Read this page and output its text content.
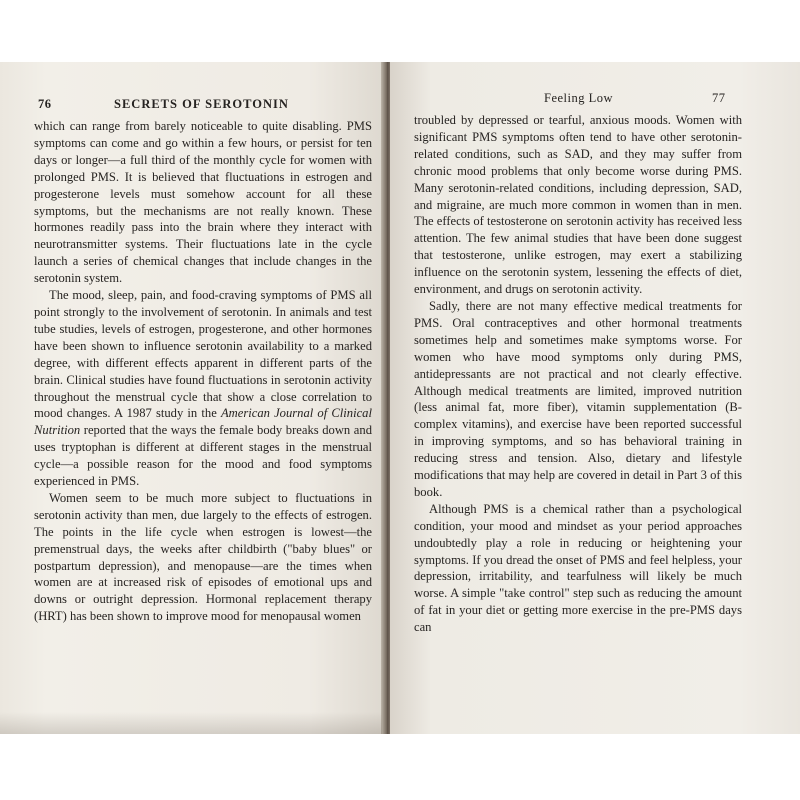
76	SECRETS OF SEROTONIN

which can range from barely noticeable to quite disabling. PMS symptoms can come and go within a few hours, or persist for ten days or longer—a full third of the monthly cycle for women with prolonged PMS. It is believed that fluctuations in estrogen and progesterone levels must somehow account for all these symptoms, but the mechanisms are not really known. These hormones readily pass into the brain where they interact with neurotransmitter systems. Their fluctuations late in the cycle launch a series of chemical changes that include changes in the serotonin system.

The mood, sleep, pain, and food-craving symptoms of PMS all point strongly to the involvement of serotonin. In animals and test tube studies, levels of estrogen, progesterone, and other hormones have been shown to influence serotonin availability to a marked degree, with different effects apparent in different parts of the brain. Clinical studies have found fluctuations in serotonin activity throughout the menstrual cycle that show a close correlation to mood changes. A 1987 study in the American Journal of Clinical Nutrition reported that the ways the female body breaks down and uses tryptophan is different at different stages in the menstrual cycle—a possible reason for the mood and food symptoms experienced in PMS.

Women seem to be much more subject to fluctuations in serotonin activity than men, due largely to the effects of estrogen. The points in the life cycle when estrogen is lowest—the premenstrual days, the weeks after childbirth ("baby blues" or postpartum depression), and menopause—are the times when women are at increased risk of episodes of emotional ups and downs or outright depression. Hormonal replacement therapy (HRT) has been shown to improve mood for menopausal women

Feeling Low	77

troubled by depressed or tearful, anxious moods. Women with significant PMS symptoms often tend to have other serotonin-related conditions, such as SAD, and they may suffer from chronic mood problems that only become worse during PMS. Many serotonin-related conditions, including depression, SAD, and migraine, are much more common in women than in men. The effects of testosterone on serotonin activity has received less attention. The few animal studies that have been done suggest that testosterone, unlike estrogen, may exert a stabilizing influence on the serotonin system, lessening the effects of diet, environment, and drugs on serotonin activity.

Sadly, there are not many effective medical treatments for PMS. Oral contraceptives and other hormonal treatments sometimes help and sometimes make symptoms worse. For women who have mood symptoms only during PMS, antidepressants are not practical and not clearly effective. Although medical treatments are limited, improved nutrition (less animal fat, more fiber), vitamin supplementation (B-complex vitamins), and exercise have been reported successful in improving symptoms, and so has behavioral training in reducing stress and tension. Also, dietary and lifestyle modifications that may help are covered in detail in Part 3 of this book.

Although PMS is a chemical rather than a psychological condition, your mood and mindset as your period approaches undoubtedly play a role in reducing or heightening your symptoms. If you dread the onset of PMS and feel helpless, your depression, irritability, and tearfulness will likely be much worse. A simple "take control" step such as reducing the amount of fat in your diet or getting more exercise in the pre-PMS days can
